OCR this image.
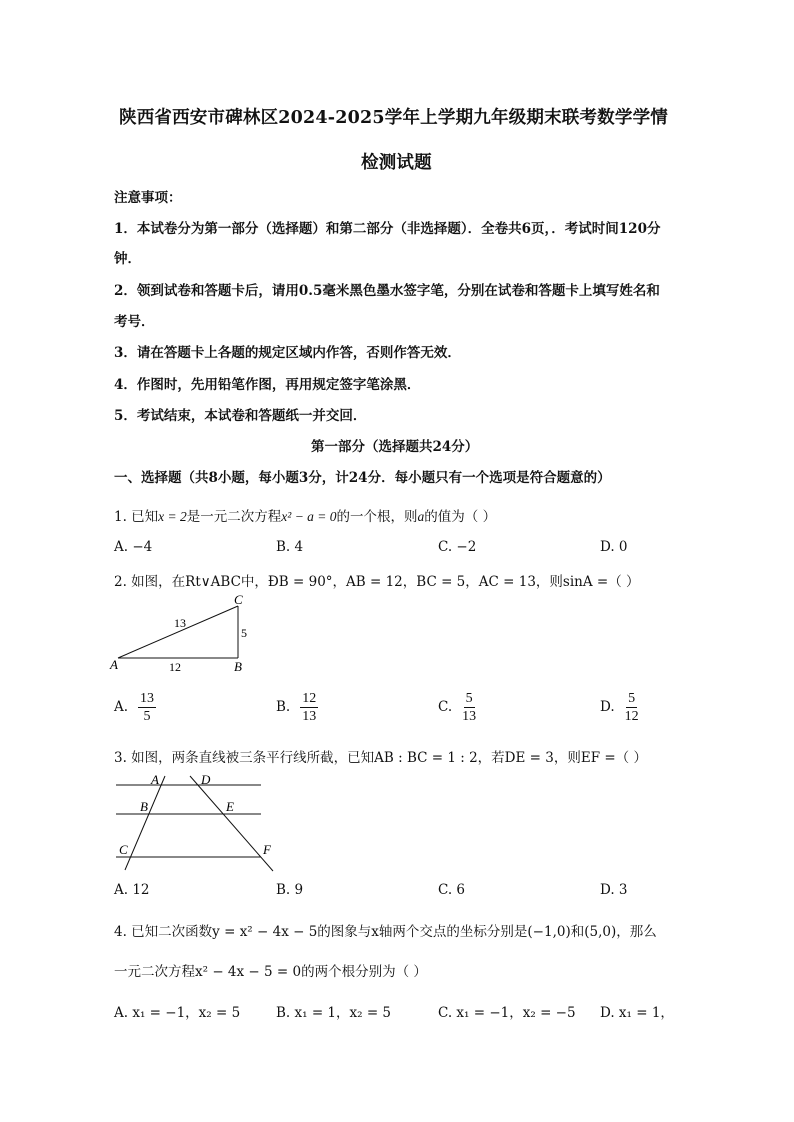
陕西省西安市碑林区2024-2025学年上学期九年级期末联考数学学情
检测试题
注意事项：
1．本试卷分为第一部分（选择题）和第二部分（非选择题）．全卷共6页，．考试时间120分
钟．
2．领到试卷和答题卡后，请用0.5毫米黑色墨水签字笔，分别在试卷和答题卡上填写姓名和
考号．
3．请在答题卡上各题的规定区域内作答，否则作答无效．
4．作图时，先用铅笔作图，再用规定签字笔涂黑．
5．考试结束，本试卷和答题纸一并交回．
第一部分（选择题共24分）
一、选择题（共8小题，每小题3分，计24分．每小题只有一个选项是符合题意的）
1. 已知x = 2是一元二次方程x² − a = 0的一个根，则a的值为（ ）
A. −4	B. 4	C. −2	D. 0
2. 如图，在Rt∨ABC中，ÐB = 90°，AB = 12，BC = 5，AC = 13，则sinA =（ ）
A	B
C
13
5
12
A. $\frac{13}{5}$	B. $\frac{12}{13}$	C. $\frac{5}{13}$	D. $\frac{5}{12}$
3. 如图，两条直线被三条平行线所截，已知AB : BC = 1 : 2，若DE = 3，则EF =（ ）
A
B
C
D
E
F
A. 12	B. 9	C. 6	D. 3
4. 已知二次函数y = x² − 4x − 5的图象与x轴两个交点的坐标分别是(−1,0)和(5,0)，那么
一元二次方程x² − 4x − 5 = 0的两个根分别为（ ）
A. x₁ = −1，x₂ = 5	B. x₁ = 1，x₂ = 5	C. x₁ = −1，x₂ = −5 D. x₁ = 1，
